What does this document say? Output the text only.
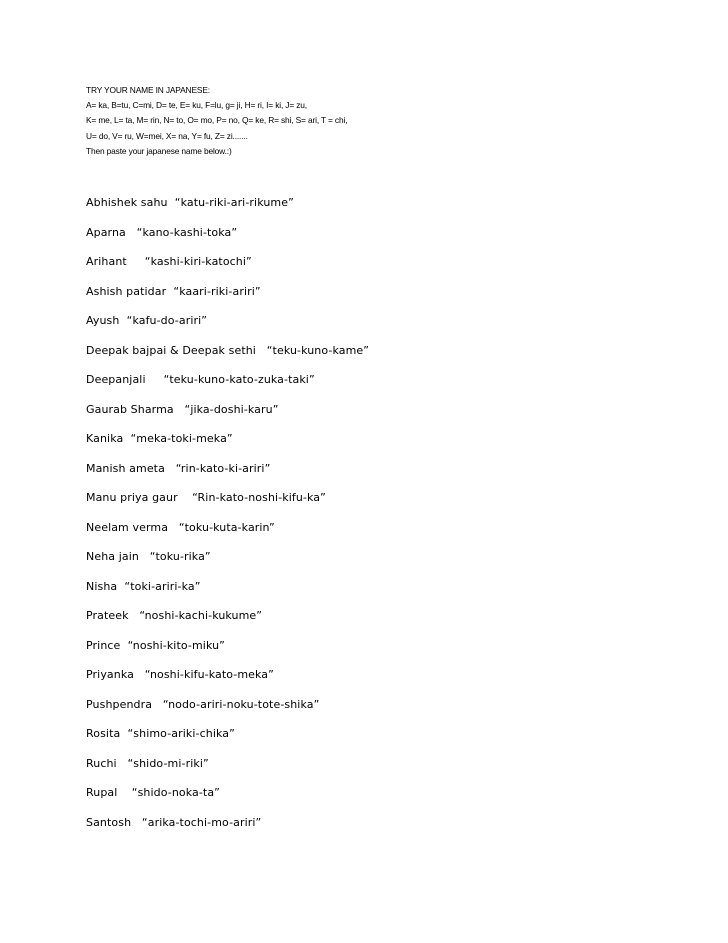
TRY YOUR NAME IN JAPANESE:
A= ka, B=tu, C=mi, D= te, E= ku, F=lu, g= ji, H= ri, I= ki, J= zu,
K= me, L= ta, M= rin, N= to, O= mo, P= no, Q= ke, R= shi, S= ari, T = chi,
U= do, V= ru, W=mei, X= na, Y= fu, Z= zi.......
Then paste your japanese name below.:)
Abhishek sahu  “katu-riki-ari-rikume”
Aparna   “kano-kashi-toka”
Arihant     “kashi-kiri-katochi”
Ashish patidar  “kaari-riki-ariri”
Ayush  “kafu-do-ariri”
Deepak bajpai & Deepak sethi   “teku-kuno-kame”
Deepanjali     “teku-kuno-kato-zuka-taki”
Gaurab Sharma   “jika-doshi-karu”
Kanika  “meka-toki-meka”
Manish ameta   “rin-kato-ki-ariri”
Manu priya gaur    “Rin-kato-noshi-kifu-ka”
Neelam verma   “toku-kuta-karin”
Neha jain   “toku-rika”
Nisha  “toki-ariri-ka”
Prateek   “noshi-kachi-kukume”
Prince  “noshi-kito-miku”
Priyanka   “noshi-kifu-kato-meka”
Pushpendra   “nodo-ariri-noku-tote-shika”
Rosita  “shimo-ariki-chika”
Ruchi   “shido-mi-riki”
Rupal    “shido-noka-ta”
Santosh   “arika-tochi-mo-ariri”
